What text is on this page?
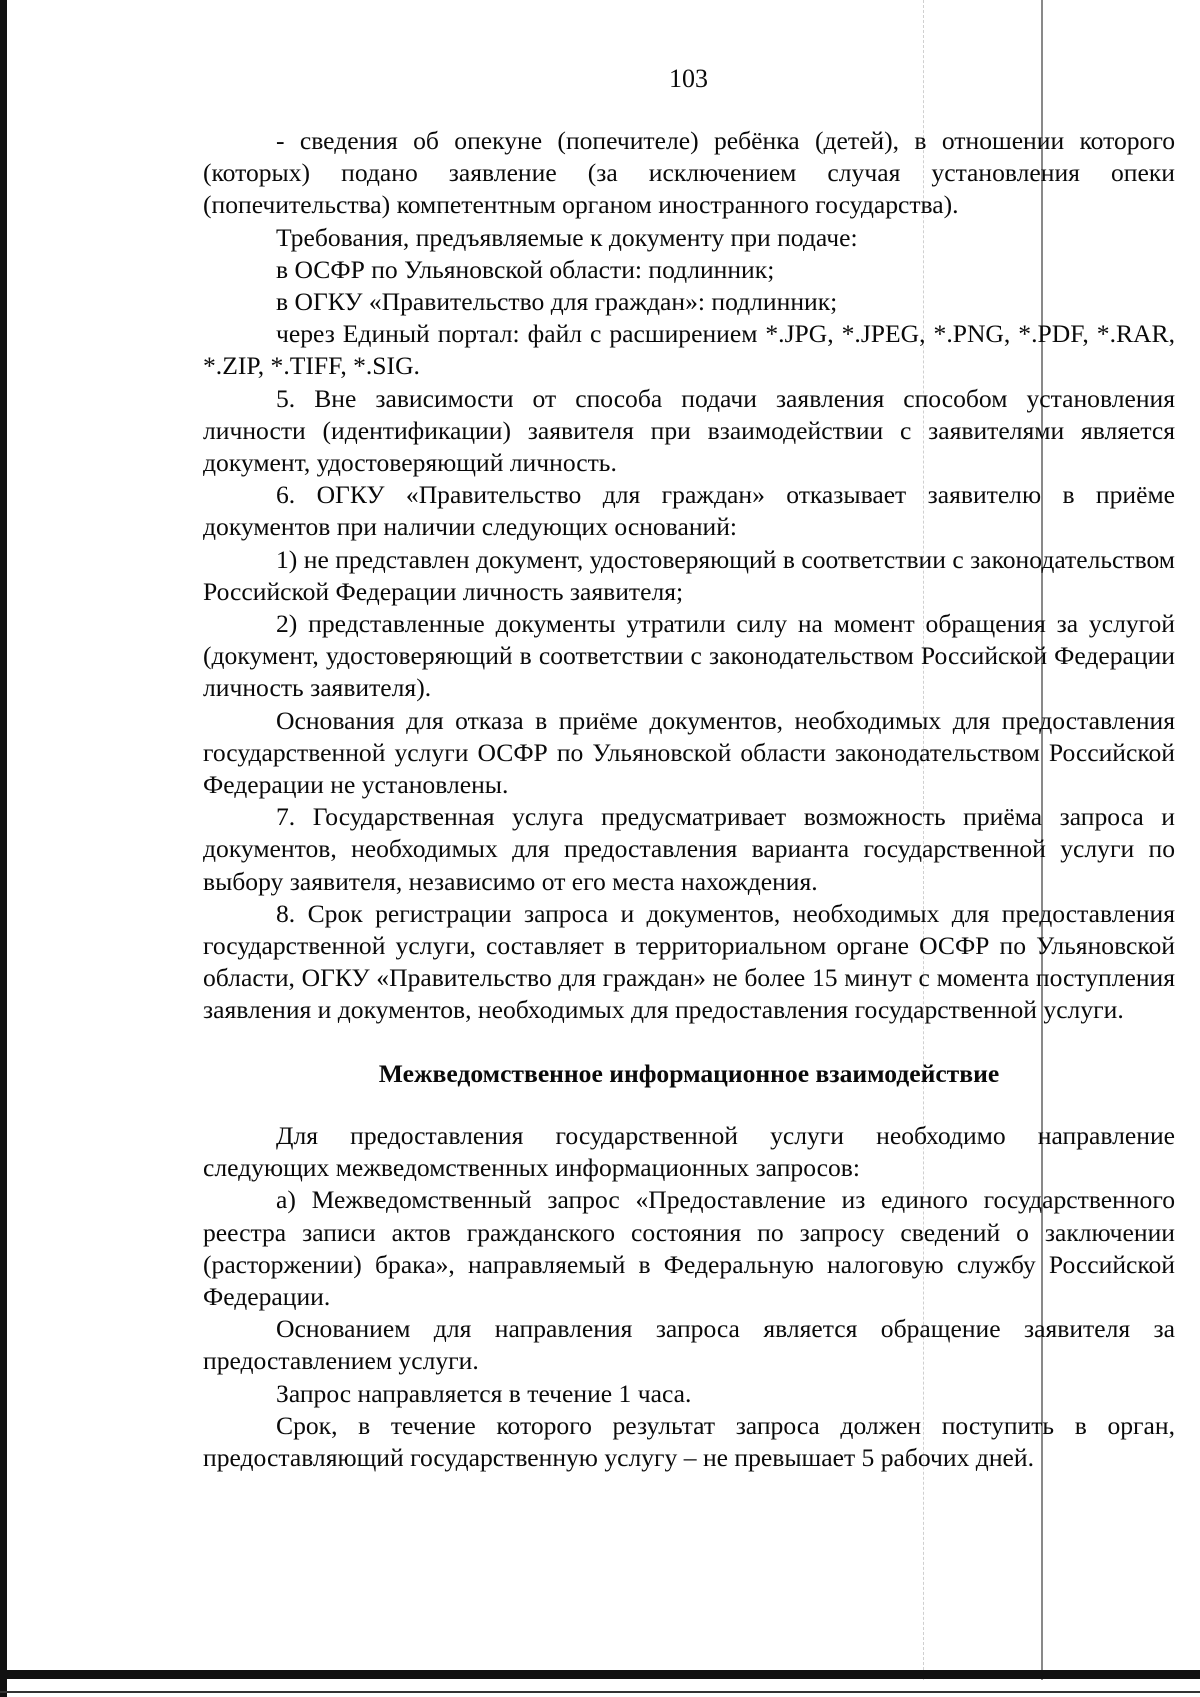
103

- сведения об опекуне (попечителе) ребёнка (детей), в отношении которого (которых) подано заявление (за исключением случая установления опеки (попечительства) компетентным органом иностранного государства).

Требования, предъявляемые к документу при подаче:

в ОСФР по Ульяновской области: подлинник;

в ОГКУ «Правительство для граждан»: подлинник;

через Единый портал: файл с расширением *.JPG, *.JPEG, *.PNG, *.PDF, *.RAR, *.ZIP, *.TIFF, *.SIG.

5. Вне зависимости от способа подачи заявления способом установления личности (идентификации) заявителя при взаимодействии с заявителями является документ, удостоверяющий личность.

6. ОГКУ «Правительство для граждан» отказывает заявителю в приёме документов при наличии следующих оснований:

1) не представлен документ, удостоверяющий в соответствии с законодательством Российской Федерации личность заявителя;

2) представленные документы утратили силу на момент обращения за услугой (документ, удостоверяющий в соответствии с законодательством Российской Федерации личность заявителя).

Основания для отказа в приёме документов, необходимых для предоставления государственной услуги ОСФР по Ульяновской области законодательством Российской Федерации не установлены.

7. Государственная услуга предусматривает возможность приёма запроса и документов, необходимых для предоставления варианта государственной услуги по выбору заявителя, независимо от его места нахождения.

8. Срок регистрации запроса и документов, необходимых для предоставления государственной услуги, составляет в территориальном органе ОСФР по Ульяновской области, ОГКУ «Правительство для граждан» не более 15 минут с момента поступления заявления и документов, необходимых для предоставления государственной услуги.

Межведомственное информационное взаимодействие

Для предоставления государственной услуги необходимо направление следующих межведомственных информационных запросов:

а) Межведомственный запрос «Предоставление из единого государственного реестра записи актов гражданского состояния по запросу сведений о заключении (расторжении) брака», направляемый в Федеральную налоговую службу Российской Федерации.

Основанием для направления запроса является обращение заявителя за предоставлением услуги.

Запрос направляется в течение 1 часа.

Срок, в течение которого результат запроса должен поступить в орган, предоставляющий государственную услугу – не превышает 5 рабочих дней.
